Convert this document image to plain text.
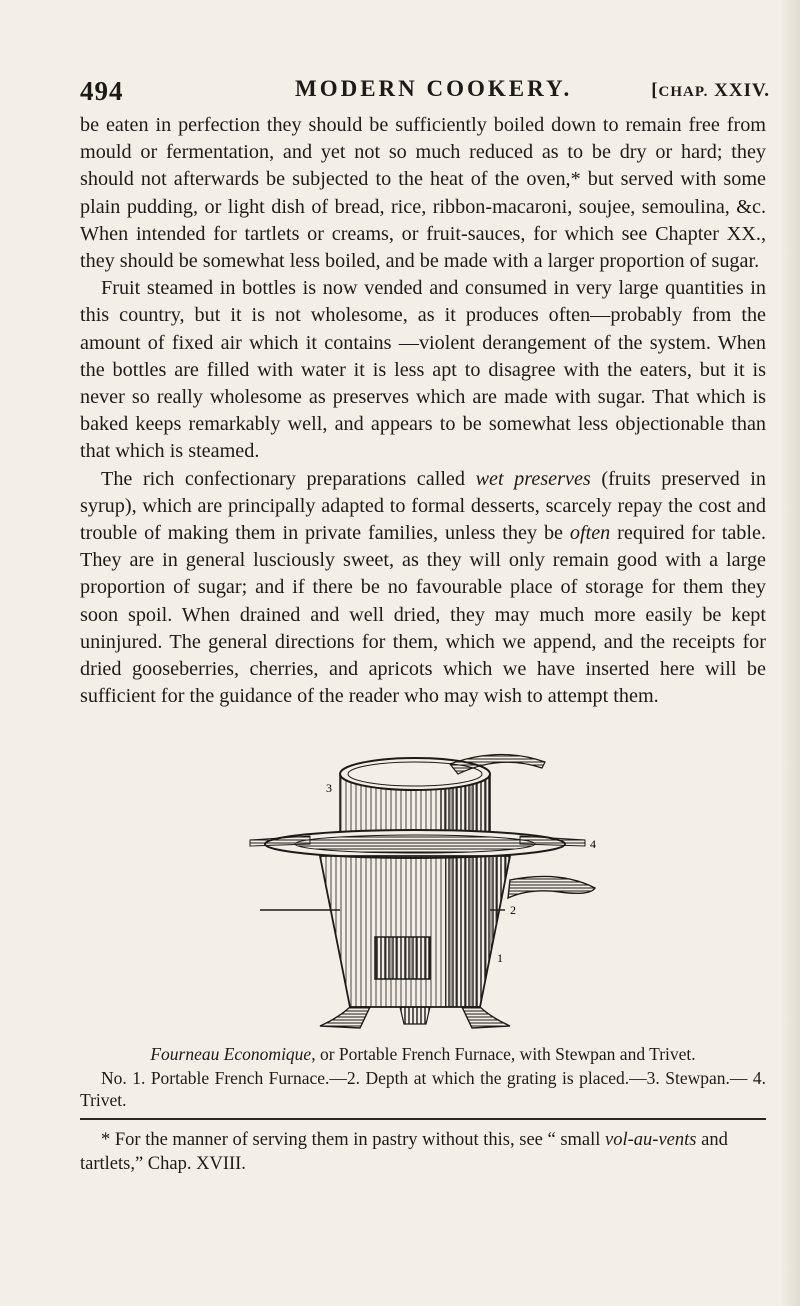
494	MODERN COOKERY.	[CHAP. XXIV.

be eaten in perfection they should be sufficiently boiled down to remain free from mould or fermentation, and yet not so much reduced as to be dry or hard; they should not afterwards be subjected to the heat of the oven,* but served with some plain pudding, or light dish of bread, rice, ribbon-macaroni, soujee, semoulina, &c. When intended for tartlets or creams, or fruit-sauces, for which see Chapter XX., they should be somewhat less boiled, and be made with a larger proportion of sugar.

Fruit steamed in bottles is now vended and consumed in very large quantities in this country, but it is not wholesome, as it produces often—probably from the amount of fixed air which it contains —violent derangement of the system. When the bottles are filled with water it is less apt to disagree with the eaters, but it is never so really wholesome as preserves which are made with sugar. That which is baked keeps remarkably well, and appears to be somewhat less objectionable than that which is steamed.

The rich confectionary preparations called wet preserves (fruits preserved in syrup), which are principally adapted to formal desserts, scarcely repay the cost and trouble of making them in private families, unless they be often required for table. They are in general lusciously sweet, as they will only remain good with a large proportion of sugar; and if there be no favourable place of storage for them they soon spoil. When drained and well dried, they may much more easily be kept uninjured. The general directions for them, which we append, and the receipts for dried gooseberries, cherries, and apricots which we have inserted here will be sufficient for the guidance of the reader who may wish to attempt them.

3
4
2
1

Fourneau Economique, or Portable French Furnace, with Stewpan and Trivet.

No. 1. Portable French Furnace.—2. Depth at which the grating is placed.—3. Stewpan.— 4. Trivet.

* For the manner of serving them in pastry without this, see “ small vol-au-vents and tartlets,” Chap. XVIII.
